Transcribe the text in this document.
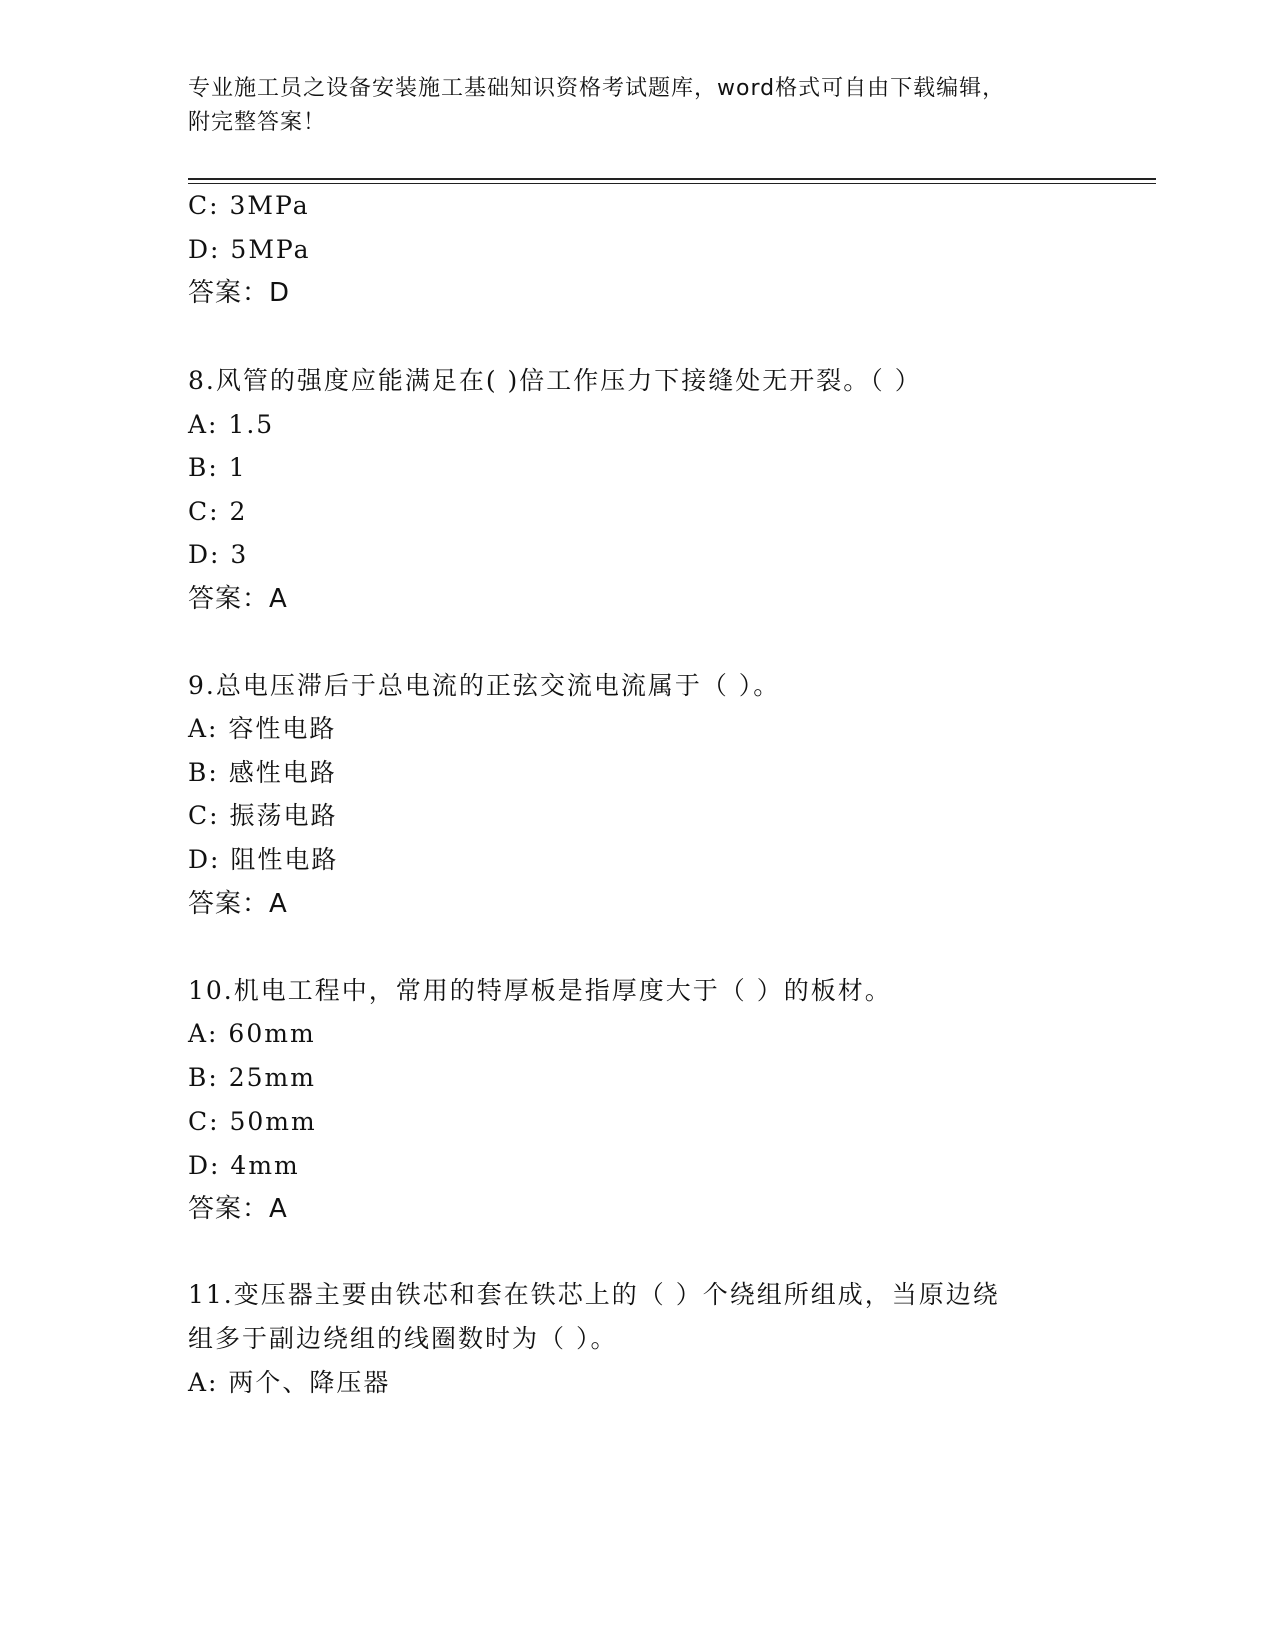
专业施工员之设备安装施工基础知识资格考试题库，word格式可自由下载编辑，
附完整答案！
C: 3MPa
D: 5MPa
答案：D
8.风管的强度应能满足在( )倍工作压力下接缝处无开裂。（ ）
A: 1.5
B: 1
C: 2
D: 3
答案：A
9.总电压滞后于总电流的正弦交流电流属于（ ）。
A: 容性电路
B: 感性电路
C: 振荡电路
D: 阻性电路
答案：A
10.机电工程中，常用的特厚板是指厚度大于（ ）的板材。
A: 60mm
B: 25mm
C: 50mm
D: 4mm
答案：A
11.变压器主要由铁芯和套在铁芯上的（ ）个绕组所组成，当原边绕
组多于副边绕组的线圈数时为（ ）。
A: 两个、降压器
